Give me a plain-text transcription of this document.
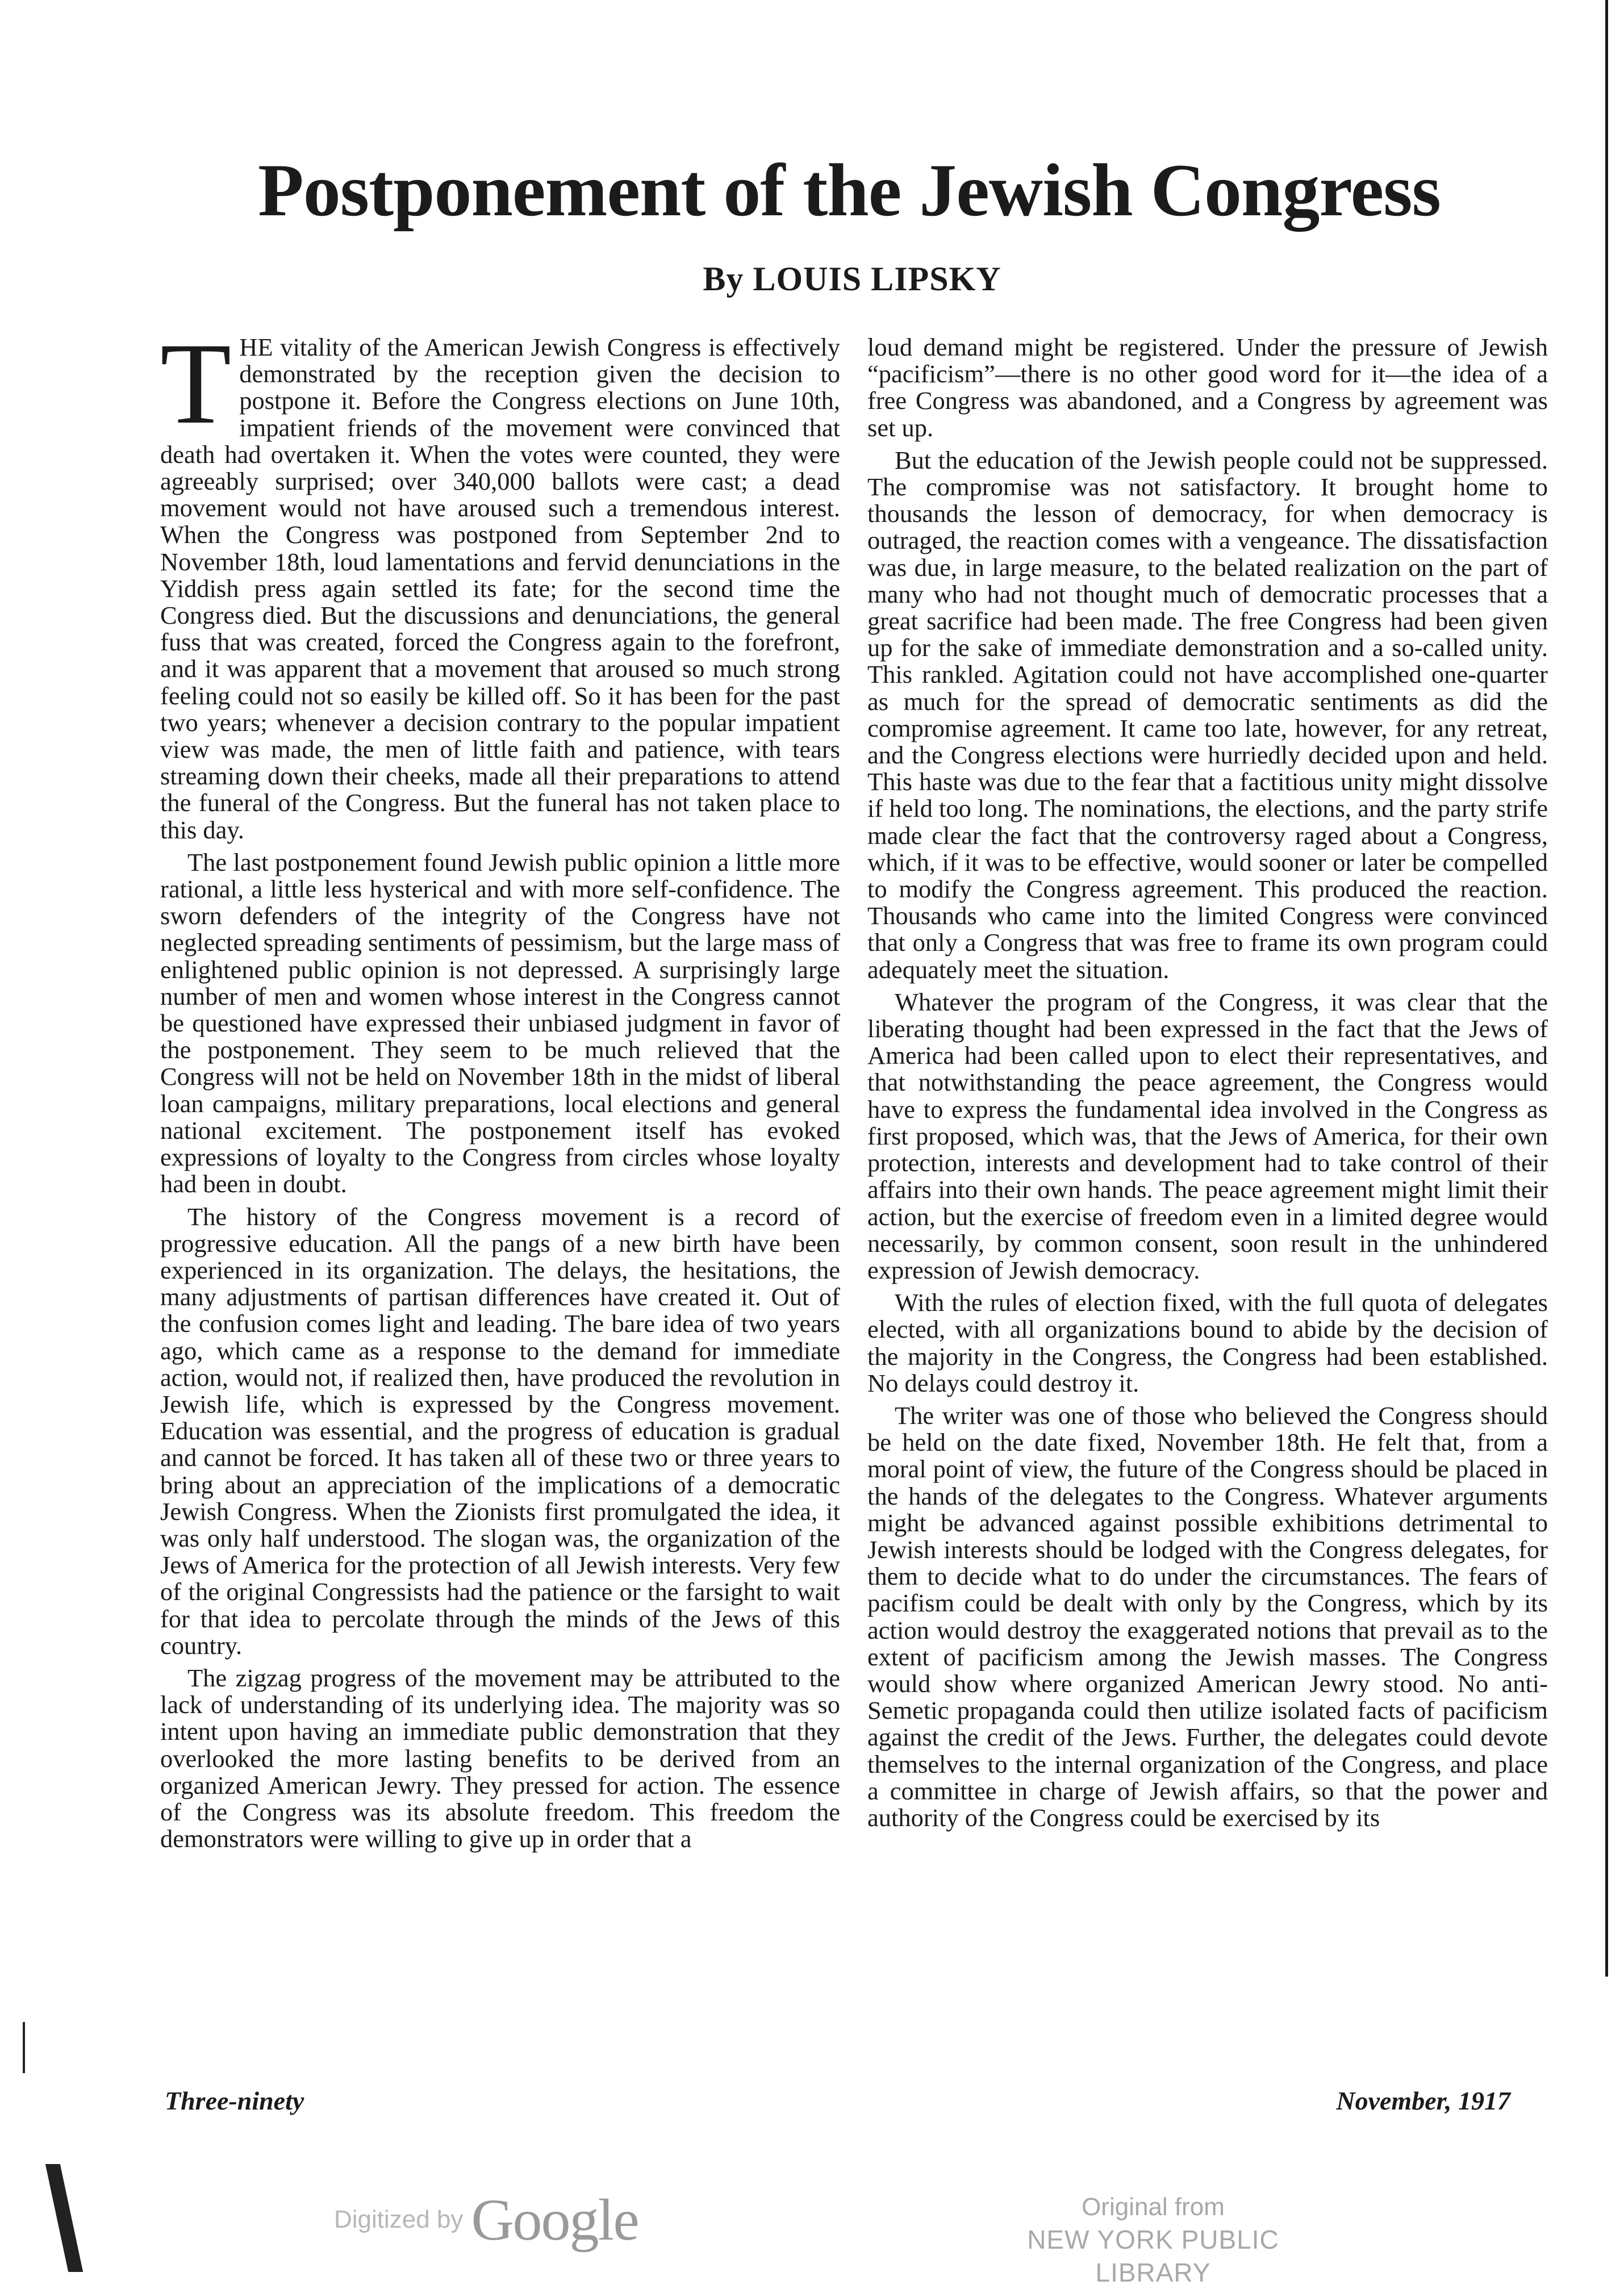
Postponement of the Jewish Congress
By LOUIS LIPSKY

THE vitality of the American Jewish Congress is effectively demonstrated by the reception given the decision to postpone it. Before the Congress elections on June 10th, impatient friends of the movement were convinced that death had overtaken it. When the votes were counted, they were agreeably surprised; over 340,000 ballots were cast; a dead movement would not have aroused such a tremendous interest. When the Congress was postponed from September 2nd to November 18th, loud lamentations and fervid denunciations in the Yiddish press again settled its fate; for the second time the Congress died. But the discussions and denunciations, the general fuss that was created, forced the Congress again to the forefront, and it was apparent that a movement that aroused so much strong feeling could not so easily be killed off. So it has been for the past two years; whenever a decision contrary to the popular impatient view was made, the men of little faith and patience, with tears streaming down their cheeks, made all their preparations to attend the funeral of the Congress. But the funeral has not taken place to this day.

The last postponement found Jewish public opinion a little more rational, a little less hysterical and with more self-confidence. The sworn defenders of the integrity of the Congress have not neglected spreading sentiments of pessimism, but the large mass of enlightened public opinion is not depressed. A surprisingly large number of men and women whose interest in the Congress cannot be questioned have expressed their unbiased judgment in favor of the postponement. They seem to be much relieved that the Congress will not be held on November 18th in the midst of liberal loan campaigns, military preparations, local elections and general national excitement. The postponement itself has evoked expressions of loyalty to the Congress from circles whose loyalty had been in doubt.

The history of the Congress movement is a record of progressive education. All the pangs of a new birth have been experienced in its organization. The delays, the hesitations, the many adjustments of partisan differences have created it. Out of the confusion comes light and leading. The bare idea of two years ago, which came as a response to the demand for immediate action, would not, if realized then, have produced the revolution in Jewish life, which is expressed by the Congress movement. Education was essential, and the progress of education is gradual and cannot be forced. It has taken all of these two or three years to bring about an appreciation of the implications of a democratic Jewish Congress. When the Zionists first promulgated the idea, it was only half understood. The slogan was, the organization of the Jews of America for the protection of all Jewish interests. Very few of the original Congressists had the patience or the farsight to wait for that idea to percolate through the minds of the Jews of this country.

The zigzag progress of the movement may be attributed to the lack of understanding of its underlying idea. The majority was so intent upon having an immediate public demonstration that they overlooked the more lasting benefits to be derived from an organized American Jewry. They pressed for action. The essence of the Congress was its absolute freedom. This freedom the demonstrators were willing to give up in order that a

loud demand might be registered. Under the pressure of Jewish “pacificism”—there is no other good word for it—the idea of a free Congress was abandoned, and a Congress by agreement was set up.

But the education of the Jewish people could not be suppressed. The compromise was not satisfactory. It brought home to thousands the lesson of democracy, for when democracy is outraged, the reaction comes with a vengeance. The dissatisfaction was due, in large measure, to the belated realization on the part of many who had not thought much of democratic processes that a great sacrifice had been made. The free Congress had been given up for the sake of immediate demonstration and a so-called unity. This rankled. Agitation could not have accomplished one-quarter as much for the spread of democratic sentiments as did the compromise agreement. It came too late, however, for any retreat, and the Congress elections were hurriedly decided upon and held. This haste was due to the fear that a factitious unity might dissolve if held too long. The nominations, the elections, and the party strife made clear the fact that the controversy raged about a Congress, which, if it was to be effective, would sooner or later be compelled to modify the Congress agreement. This produced the reaction. Thousands who came into the limited Congress were convinced that only a Congress that was free to frame its own program could adequately meet the situation.

Whatever the program of the Congress, it was clear that the liberating thought had been expressed in the fact that the Jews of America had been called upon to elect their representatives, and that notwithstanding the peace agreement, the Congress would have to express the fundamental idea involved in the Congress as first proposed, which was, that the Jews of America, for their own protection, interests and development had to take control of their affairs into their own hands. The peace agreement might limit their action, but the exercise of freedom even in a limited degree would necessarily, by common consent, soon result in the unhindered expression of Jewish democracy.

With the rules of election fixed, with the full quota of delegates elected, with all organizations bound to abide by the decision of the majority in the Congress, the Congress had been established. No delays could destroy it.

The writer was one of those who believed the Congress should be held on the date fixed, November 18th. He felt that, from a moral point of view, the future of the Congress should be placed in the hands of the delegates to the Congress. Whatever arguments might be advanced against possible exhibitions detrimental to Jewish interests should be lodged with the Congress delegates, for them to decide what to do under the circumstances. The fears of pacifism could be dealt with only by the Congress, which by its action would destroy the exaggerated notions that prevail as to the extent of pacificism among the Jewish masses. The Congress would show where organized American Jewry stood. No anti-Semetic propaganda could then utilize isolated facts of pacificism against the credit of the Jews. Further, the delegates could devote themselves to the internal organization of the Congress, and place a committee in charge of Jewish affairs, so that the power and authority of the Congress could be exercised by its

Three-ninety	November, 1917
Digitized by Google	Original from
NEW YORK PUBLIC LIBRARY
